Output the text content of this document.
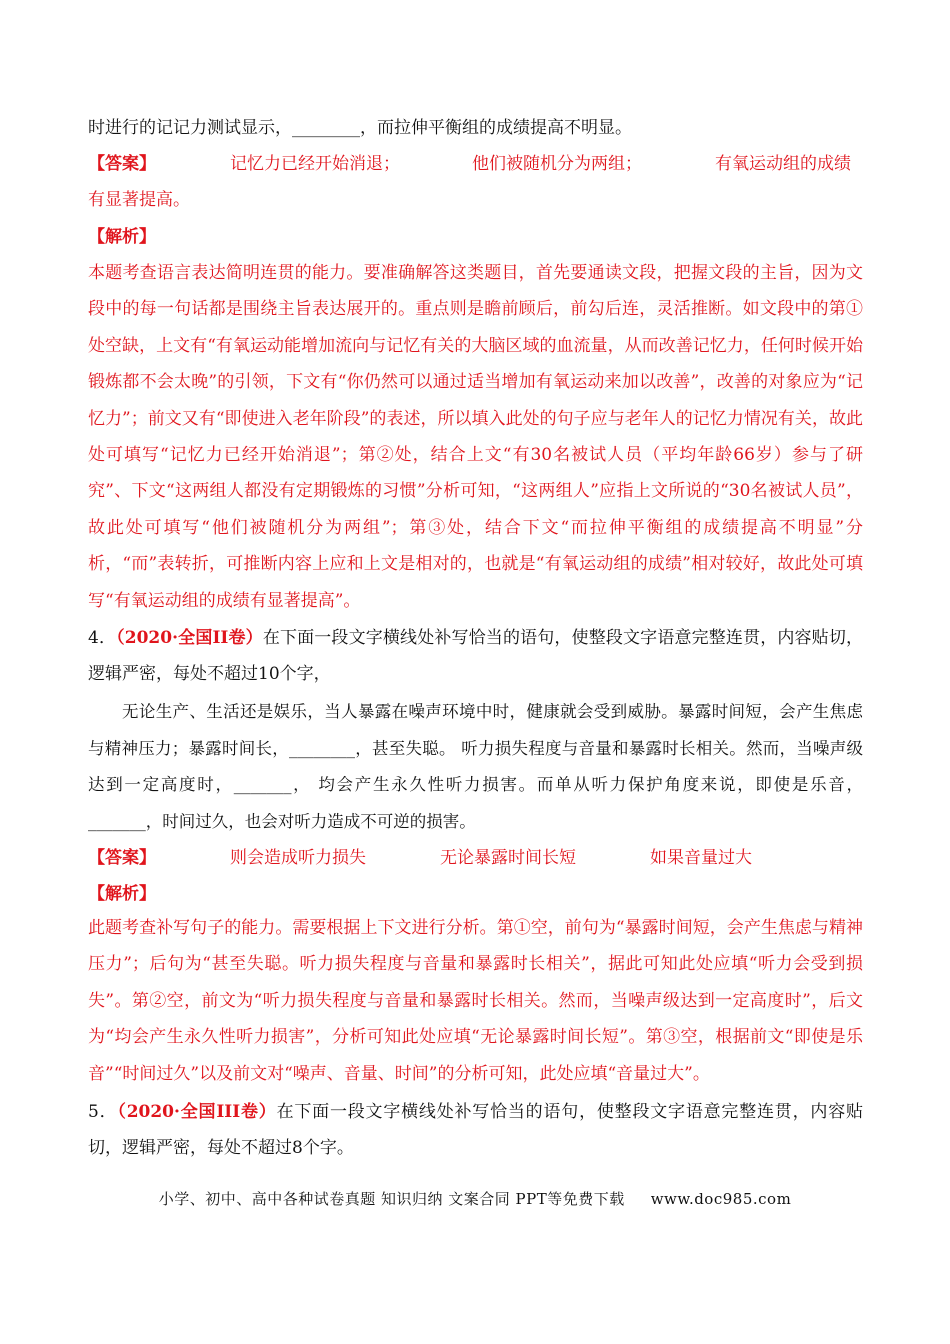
时进行的记记力测试显示，________，而拉伸平衡组的成绩提高不明显。

【答案】	记忆力已经开始消退；	他们被随机分为两组；	有氧运动组的成绩

有显著提高。

【解析】

本题考查语言表达简明连贯的能力。要准确解答这类题目，首先要通读文段，把握文段的主旨，因为文段中的每一句话都是围绕主旨表达展开的。重点则是瞻前顾后，前勾后连，灵活推断。如文段中的第①处空缺，上文有“有氧运动能增加流向与记忆有关的大脑区域的血流量，从而改善记忆力，任何时候开始锻炼都不会太晚”的引领，下文有“你仍然可以通过适当增加有氧运动来加以改善”，改善的对象应为“记忆力”；前文又有“即使进入老年阶段”的表述，所以填入此处的句子应与老年人的记忆力情况有关，故此处可填写“记忆力已经开始消退”；第②处，结合上文“有30名被试人员（平均年龄66岁）参与了研究”、下文“这两组人都没有定期锻炼的习惯”分析可知，“这两组人”应指上文所说的“30名被试人员”，故此处可填写“他们被随机分为两组”；第③处，结合下文“而拉伸平衡组的成绩提高不明显”分析，“而”表转折，可推断内容上应和上文是相对的，也就是“有氧运动组的成绩”相对较好，故此处可填写“有氧运动组的成绩有显著提高”。

4．（2020·全国II卷）在下面一段文字横线处补写恰当的语句，使整段文字语意完整连贯，内容贴切，逻辑严密，每处不超过10个字，

无论生产、生活还是娱乐，当人暴露在噪声环境中时，健康就会受到威胁。暴露时间短，会产生焦虑与精神压力；暴露时间长，________，甚至失聪。 听力损失程度与音量和暴露时长相关。然而，当噪声级达到一定高度时，_______， 均会产生永久性听力损害。而单从听力保护角度来说，即使是乐音，_______，时间过久，也会对听力造成不可逆的损害。

【答案】	则会造成听力损失	无论暴露时间长短	如果音量过大

【解析】

此题考查补写句子的能力。需要根据上下文进行分析。第①空，前句为“暴露时间短，会产生焦虑与精神压力”；后句为“甚至失聪。听力损失程度与音量和暴露时长相关”，据此可知此处应填“听力会受到损失”。第②空，前文为“听力损失程度与音量和暴露时长相关。然而，当噪声级达到一定高度时”，后文为“均会产生永久性听力损害”，分析可知此处应填“无论暴露时间长短”。第③空，根据前文“即使是乐音”“时间过久”以及前文对“噪声、音量、时间”的分析可知，此处应填“音量过大”。

5．（2020·全国III卷）在下面一段文字横线处补写恰当的语句，使整段文字语意完整连贯，内容贴切，逻辑严密，每处不超过8个字。

小学、初中、高中各种试卷真题 知识归纳 文案合同 PPT等免费下载 www.doc985.com
